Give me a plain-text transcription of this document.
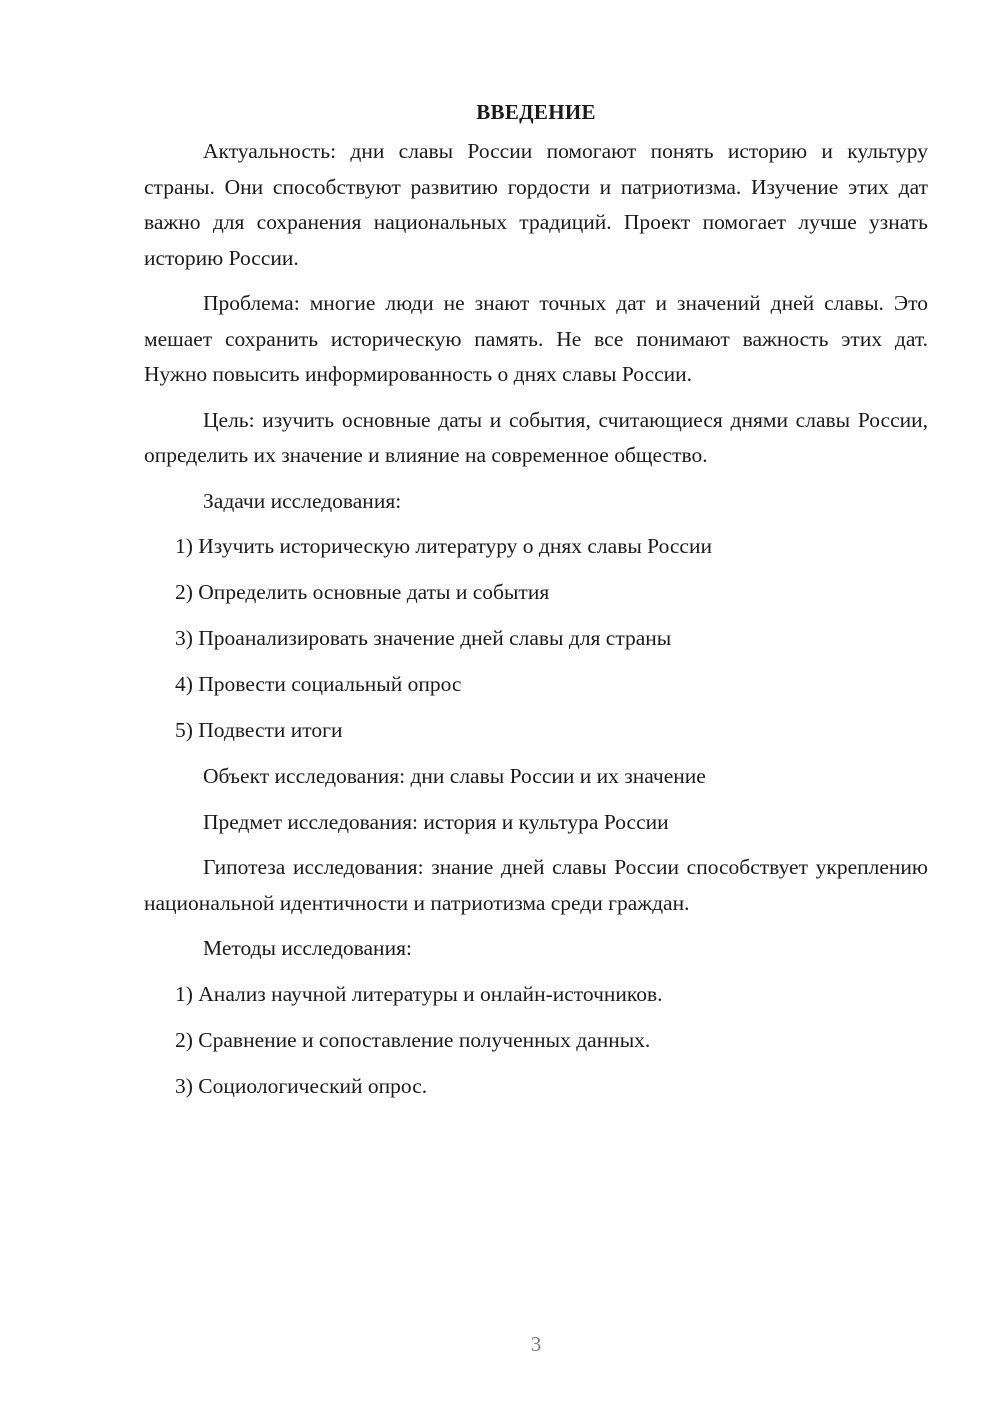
ВВЕДЕНИЕ

Актуальность: дни славы России помогают понять историю и культуру страны. Они способствуют развитию гордости и патриотизма. Изучение этих дат важно для сохранения национальных традиций. Проект помогает лучше узнать историю России.

Проблема: многие люди не знают точных дат и значений дней славы. Это мешает сохранить историческую память. Не все понимают важность этих дат. Нужно повысить информированность о днях славы России.

Цель: изучить основные даты и события, считающиеся днями славы России, определить их значение и влияние на современное общество.

Задачи исследования:
1) Изучить историческую литературу о днях славы России
2) Определить основные даты и события
3) Проанализировать значение дней славы для страны
4) Провести социальный опрос
5) Подвести итоги
Объект исследования: дни славы России и их значение
Предмет исследования: история и культура России

Гипотеза исследования: знание дней славы России способствует укреплению национальной идентичности и патриотизма среди граждан.

Методы исследования:
1) Анализ научной литературы и онлайн-источников.
2) Сравнение и сопоставление полученных данных.
3) Социологический опрос.
3
